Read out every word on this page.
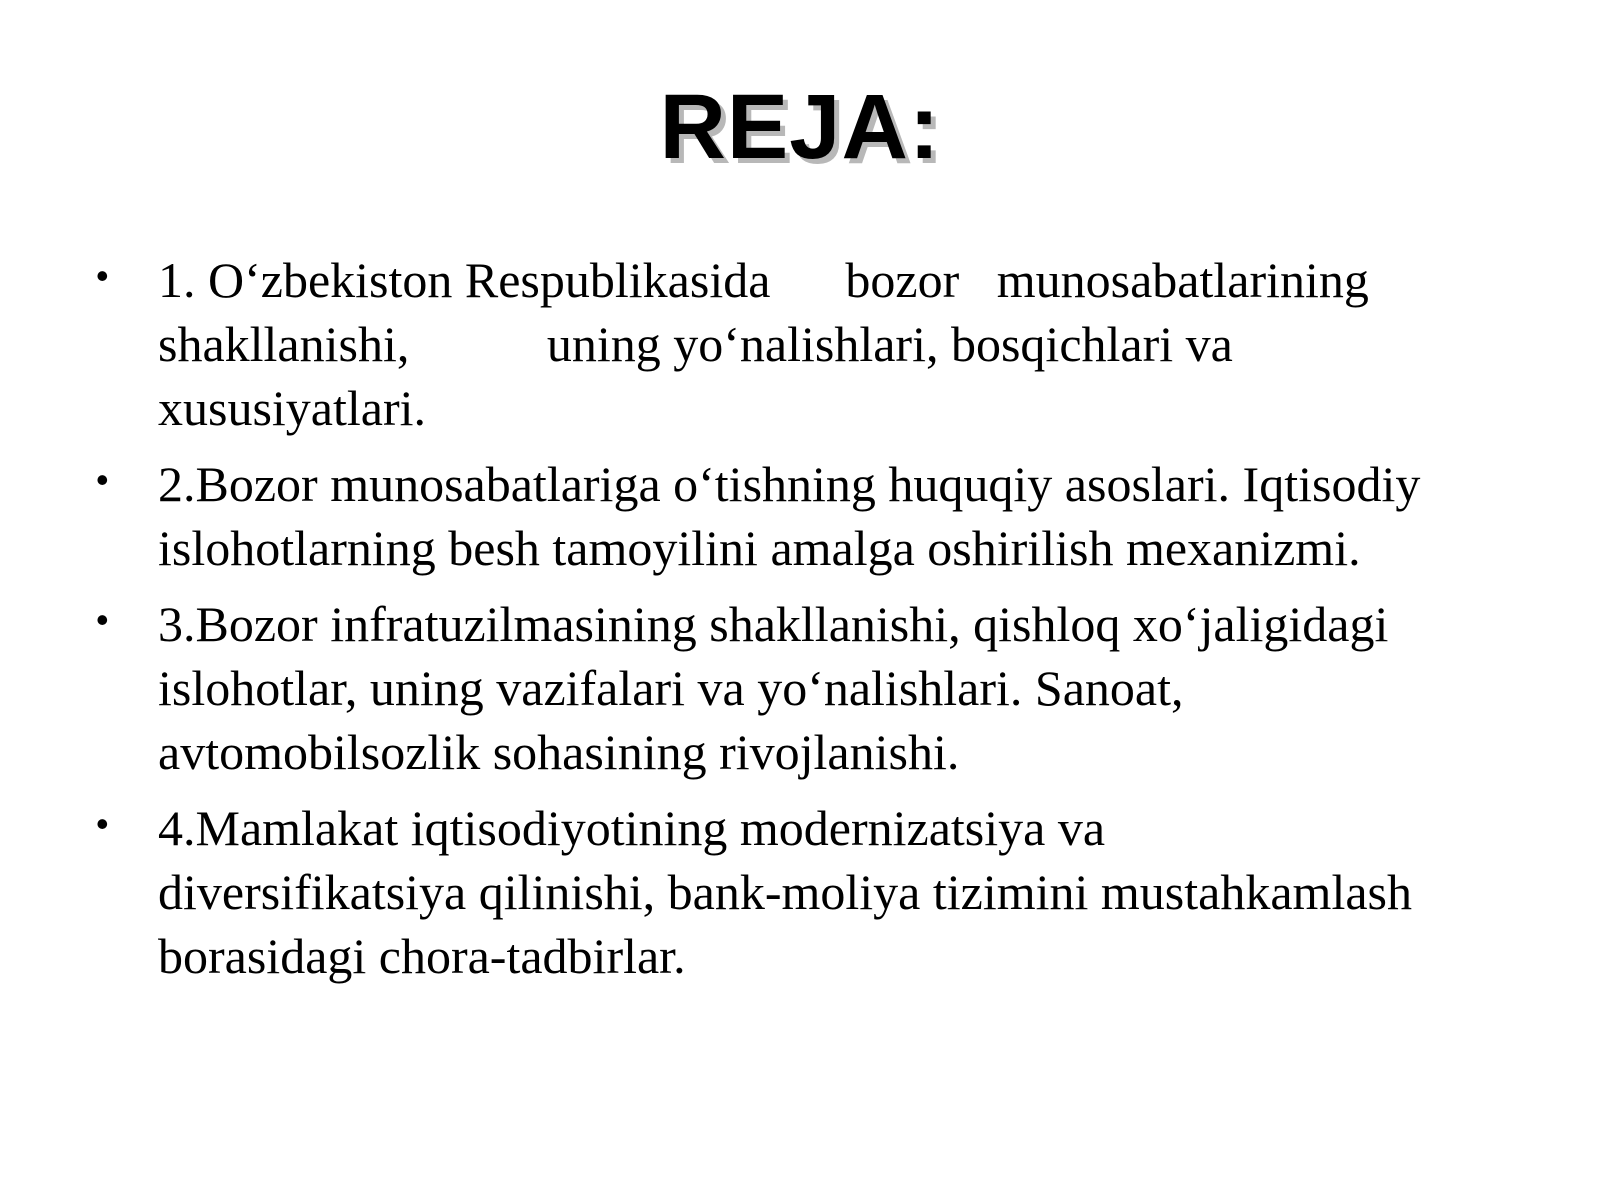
REJA:
• 1. O‘zbekiston Respublikasida      bozor   munosabatlarining
shakllanishi,           uning yo‘nalishlari, bosqichlari va
xususiyatlari.
• 2.Bozor munosabatlariga o‘tishning huquqiy asoslari. Iqtisodiy
islohotlarning besh tamoyilini amalga oshirilish mexanizmi.
• 3.Bozor infratuzilmasining shakllanishi, qishloq xo‘jaligidagi
islohotlar, uning vazifalari va yo‘nalishlari. Sanoat,
avtomobilsozlik sohasining rivojlanishi.
• 4.Mamlakat iqtisodiyotining modernizatsiya va
diversifikatsiya qilinishi, bank-moliya tizimini mustahkamlash
borasidagi chora-tadbirlar.
